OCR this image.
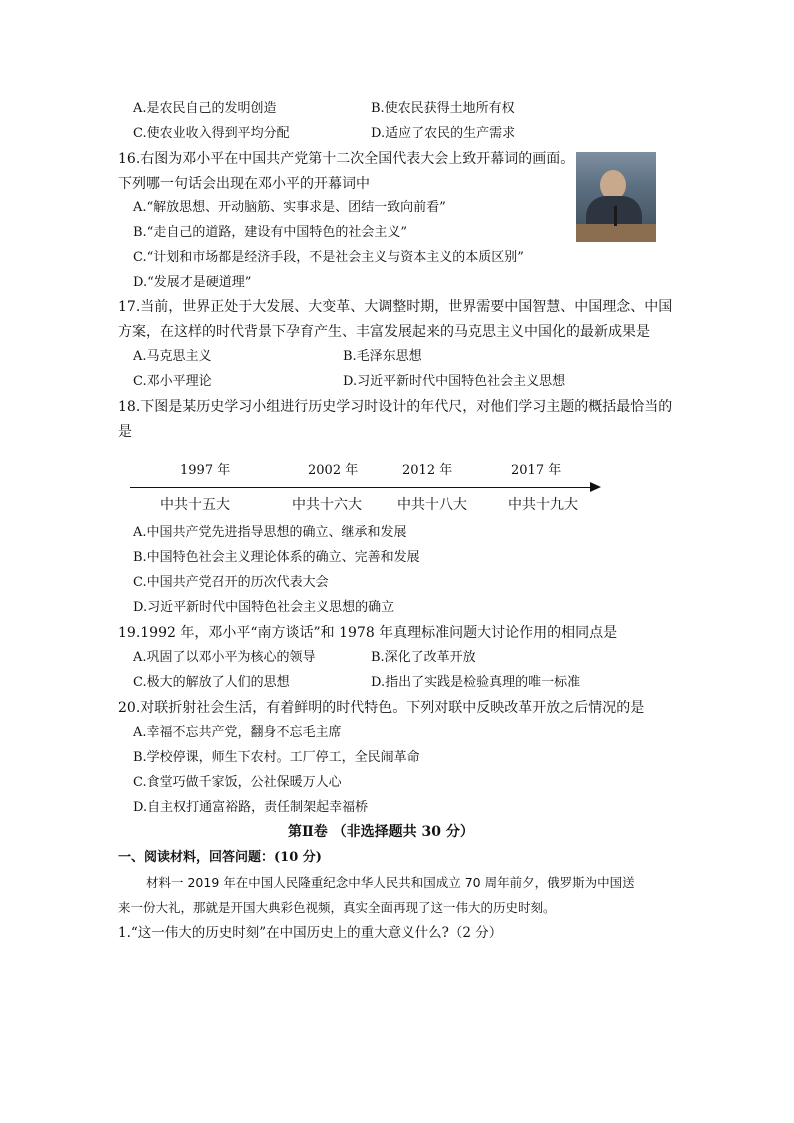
A.是农民自己的发明创造	B.使农民获得土地所有权
C.使农业收入得到平均分配	D.适应了农民的生产需求
16.右图为邓小平在中国共产党第十二次全国代表大会上致开幕词的画面。
下列哪一句话会出现在邓小平的开幕词中
A.“解放思想、开动脑筋、实事求是、团结一致向前看”
B.“走自己的道路，建设有中国特色的社会主义”
C.“计划和市场都是经济手段，不是社会主义与资本主义的本质区别”
D.“发展才是硬道理”
17.当前，世界正处于大发展、大变革、大调整时期，世界需要中国智慧、中国理念、中国
方案，在这样的时代背景下孕育产生、丰富发展起来的马克思主义中国化的最新成果是
A.马克思主义	B.毛泽东思想
C.邓小平理论	D.习近平新时代中国特色社会主义思想
18.下图是某历史学习小组进行历史学习时设计的年代尺，对他们学习主题的概括最恰当的
是
1997 年	2002 年	2012 年	2017 年
中共十五大	中共十六大	中共十八大	中共十九大
A.中国共产党先进指导思想的确立、继承和发展
B.中国特色社会主义理论体系的确立、完善和发展
C.中国共产党召开的历次代表大会
D.习近平新时代中国特色社会主义思想的确立
19.1992 年，邓小平“南方谈话”和 1978 年真理标准问题大讨论作用的相同点是
A.巩固了以邓小平为核心的领导	B.深化了改革开放
C.极大的解放了人们的思想	D.指出了实践是检验真理的唯一标准
20.对联折射社会生活，有着鲜明的时代特色。下列对联中反映改革开放之后情况的是
A.幸福不忘共产党，翻身不忘毛主席
B.学校停课，师生下农村。工厂停工，全民闹革命
C.食堂巧做千家饭，公社保暖万人心
D.自主权打通富裕路，责任制架起幸福桥
第Ⅱ卷 （非选择题共 30 分）
一、阅读材料，回答问题：(10 分)
材料一 2019 年在中国人民隆重纪念中华人民共和国成立 70 周年前夕，俄罗斯为中国送
来一份大礼，那就是开国大典彩色视频，真实全面再现了这一伟大的历史时刻。
1.“这一伟大的历史时刻”在中国历史上的重大意义什么?（2 分）
